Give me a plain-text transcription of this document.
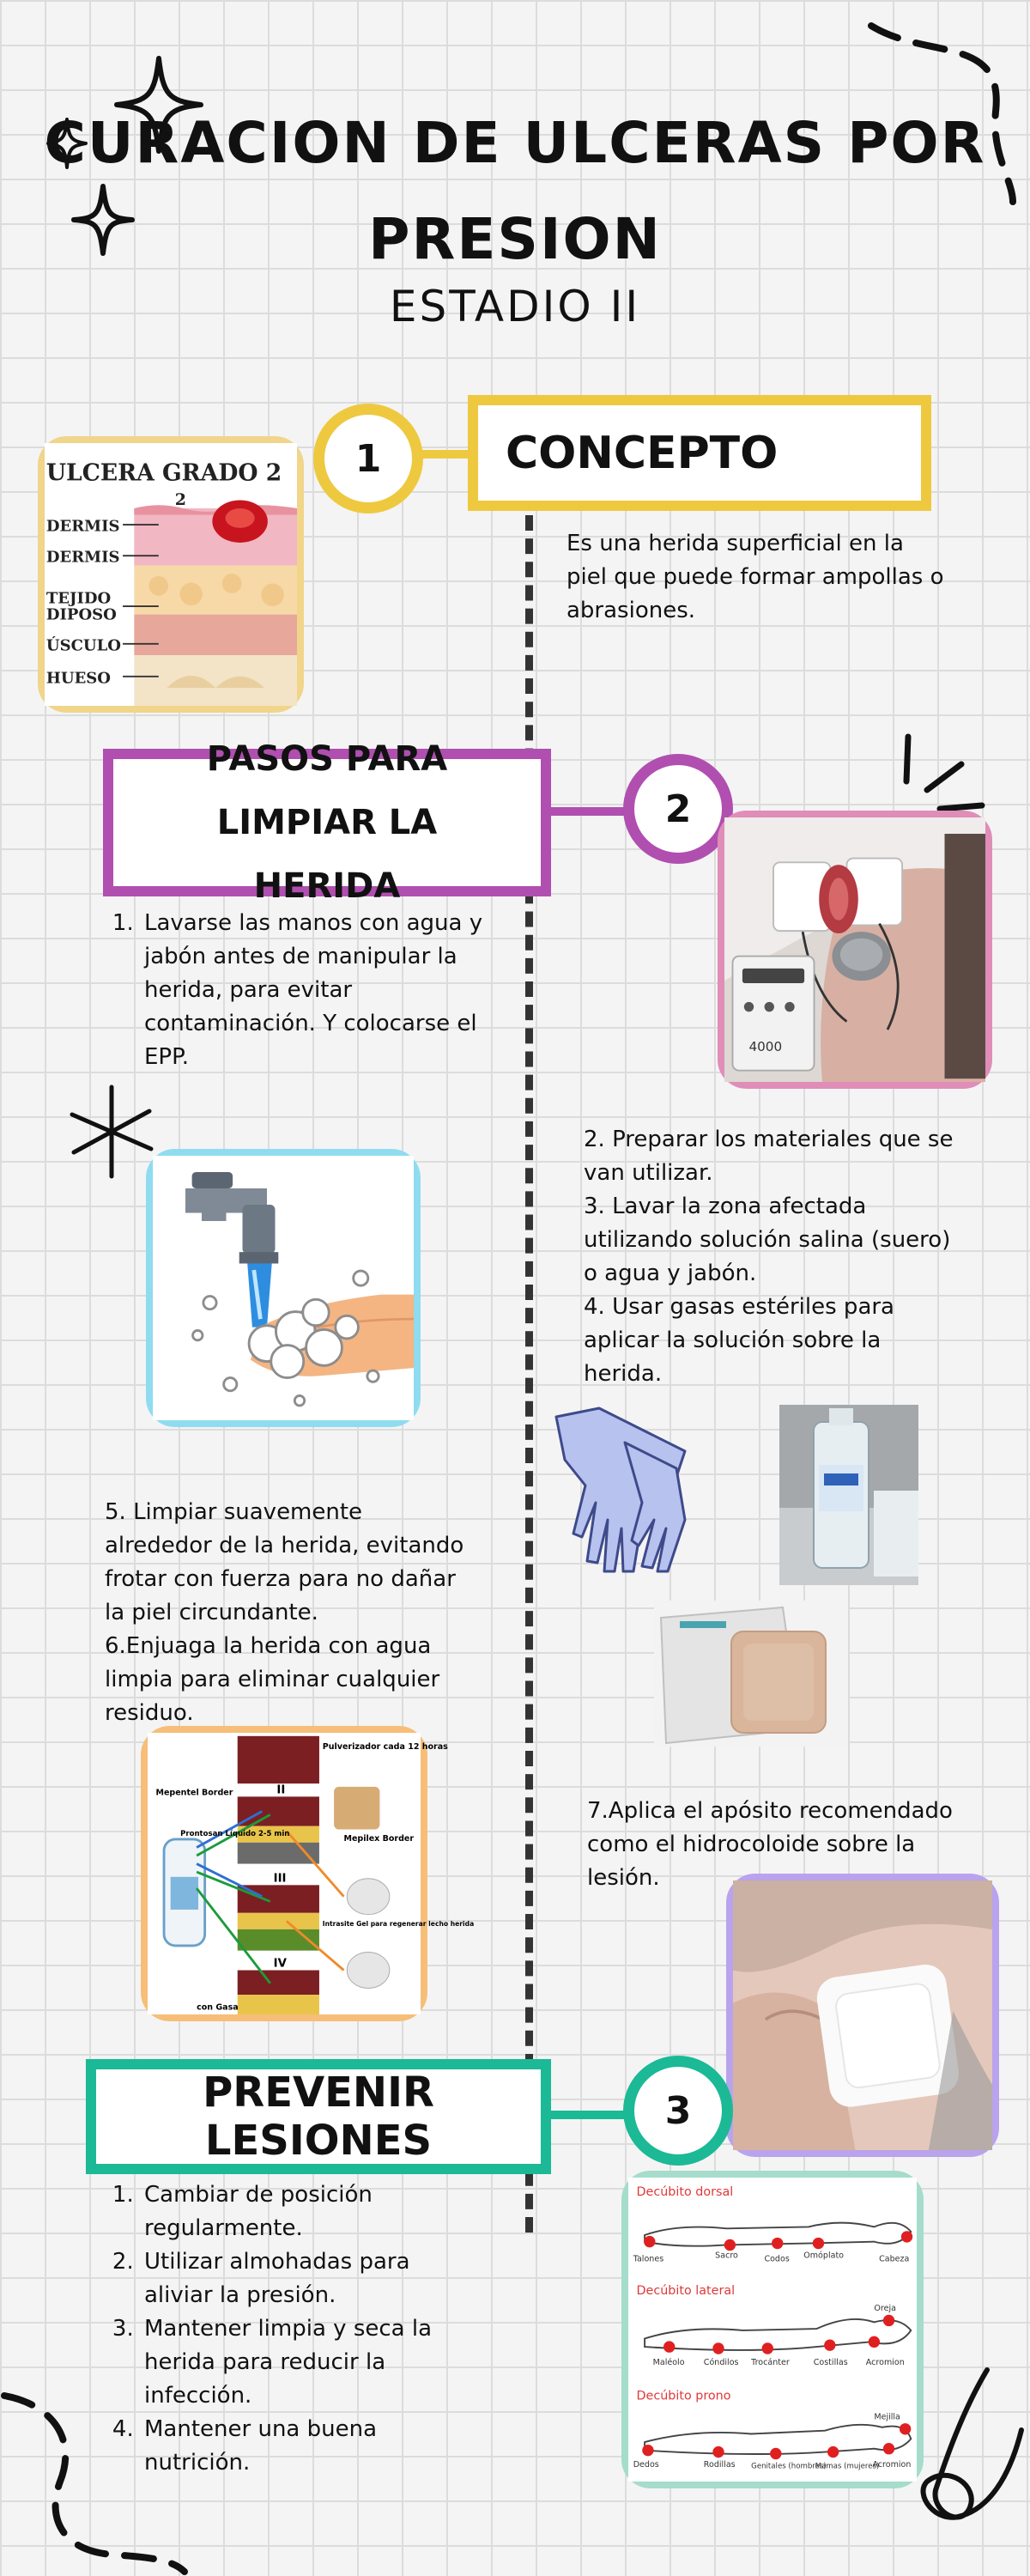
CURACION DE ULCERAS POR
PRESION
ESTADIO II
1	CONCEPTO

Es una herida superficial en la piel que puede formar ampollas o abrasiones.

ULCERA GRADO 2
2
DERMIS
DERMIS
TEJIDO
DIPOSO
ÚSCULO
HUESO
PASOS PARA LIMPIAR LA HERIDA
2
1. Lavarse las manos con agua y jabón antes de manipular la herida, para evitar contaminación. Y colocarse el EPP.	4000

2. Preparar los materiales que se van utilizar.

3. Lavar la zona afectada utilizando solución salina (suero) o agua y jabón.

4. Usar gasas estériles para aplicar la solución sobre la herida.

5. Limpiar suavemente alrededor de la herida, evitando frotar con fuerza para no dañar la piel circundante.

6.Enjuaga la herida con agua limpia para eliminar cualquier residuo.

II
III
IV
Pulverizador cada 12 horas
Mepentel Border
Prontosan Líquido 2-5 min	Mepilex Border
Intrasite Gel para regenerar lecho herida
con Gasa

7.Aplica el apósito recomendado como el hidrocoloide sobre la lesión.

PREVENIR LESIONES
3
1. Cambiar de posición regularmente.
2. Utilizar almohadas para aliviar la presión.
3. Mantener limpia y seca la herida para reducir la infección.
4. Mantener una buena nutrición.
Decúbito dorsal
Decúbito lateral
Decúbito prono
Talones	Sacro	Codos Omóplato	Cabeza
Maléolo Cóndilos Trocánter	Costillas Acromion
Oreja
Dedos	Rodillas Genitales (hombres)
Mamas (mujeres)
Acromion
Mejilla
